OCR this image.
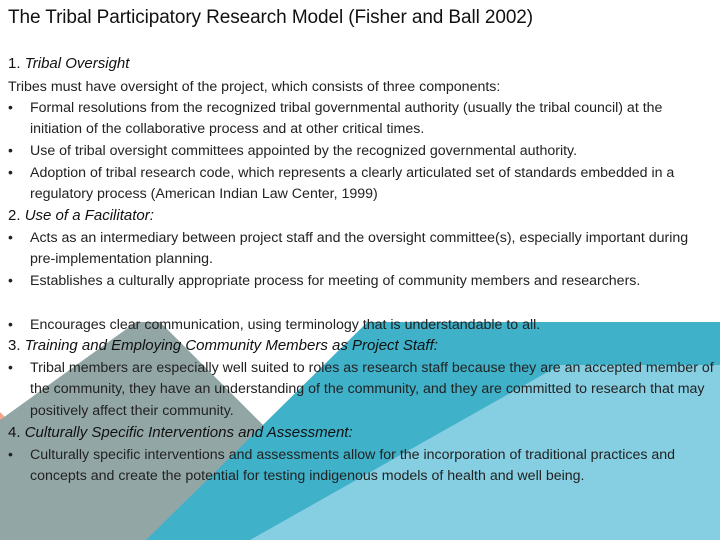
The Tribal Participatory Research Model (Fisher and Ball 2002)
1. Tribal Oversight
Tribes must have oversight of the project, which consists of three components:
• Formal resolutions from the recognized tribal governmental authority (usually the tribal council) at the initiation of the collaborative process and at other critical times.
• Use of tribal oversight committees appointed by the recognized governmental authority.
• Adoption of tribal research code, which represents a clearly articulated set of standards embedded in a regulatory process (American Indian Law Center, 1999)
2. Use of a Facilitator:
• Acts as an intermediary between project staff and the oversight committee(s), especially important during pre-implementation planning.
• Establishes a culturally appropriate process for meeting of community members and researchers.
• Encourages clear communication, using terminology that is understandable to all.
3. Training and Employing Community Members as Project Staff:
• Tribal members are especially well suited to roles as research staff because they are an accepted member of the community, they have an understanding of the community, and they are committed to research that may positively affect their community.
4. Culturally Specific Interventions and Assessment:
• Culturally specific interventions and assessments allow for the incorporation of traditional practices and concepts and create the potential for testing indigenous models of health and well being.
